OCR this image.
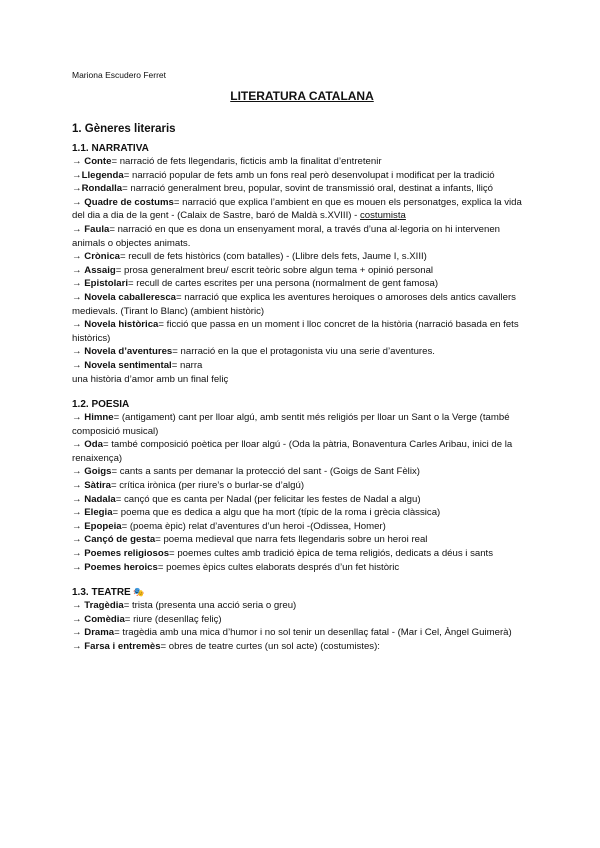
Mariona Escudero Ferret
LITERATURA CATALANA
1. Gèneres literaris
1.1. NARRATIVA
→ Conte= narració de fets llegendaris, ficticis amb la finalitat d’entretenir
→Llegenda= narració popular de fets amb un fons real però desenvolupat i modificat per la tradició
→Rondalla= narració generalment breu, popular, sovint de transmissió oral, destinat a infants, lliçó
→ Quadre de costums= narració que explica l’ambient en que es mouen els personatges, explica la vida del dia a dia de la gent - (Calaix de Sastre, baró de Maldà s.XVIII) - costumista
→ Faula= narració en que es dona un ensenyament moral, a través d’una al·legoria on hi intervenen animals o objectes animats.
→ Crònica= recull de fets històrics (com batalles) - (Llibre dels fets, Jaume I, s.XIII)
→ Assaig= prosa generalment breu/ escrit teòric sobre algun tema + opinió personal
→ Epistolari= recull de cartes escrites per una persona (normalment de gent famosa)
→ Novela caballeresca= narració que explica les aventures heroiques o amoroses dels antics cavallers medievals. (Tirant lo Blanc) (ambient històric)
→ Novela històrica= ficció que passa en un moment i lloc concret de la història (narració basada en fets històrics)
→ Novela d’aventures= narració en la que el protagonista viu una serie d’aventures.
→ Novela sentimental= narra
una història d’amor amb un final feliç
1.2. POESIA
→ Himne= (antigament) cant per lloar algú, amb sentit més religiós per lloar un Sant o la Verge (també composició musical)
→ Oda= també composició poètica per lloar algú - (Oda la pàtria, Bonaventura Carles Aribau, inici de la renaixença)
→ Goigs= cants a sants per demanar la protecció del sant - (Goigs de Sant Fèlix)
→ Sàtira= crítica irònica (per riure’s o burlar-se d’algú)
→ Nadala= cançó que es canta per Nadal (per felicitar les festes de Nadal a algu)
→ Elegia= poema que es dedica a algu que ha mort (típic de la roma i grècia clàssica)
→ Epopeia= (poema èpic) relat d’aventures d’un heroi -(Odissea, Homer)
→ Cançó de gesta= poema medieval que narra fets llegendaris sobre un heroi real
→ Poemes religiosos= poemes cultes amb tradició èpica de tema religiós, dedicats a déus i sants
→ Poemes heroics= poemes èpics cultes elaborats després d’un fet històric
1.3. TEATRE 🎭
→ Tragèdia= trista (presenta una acció seria o greu)
→ Comèdia= riure (desenllaç feliç)
→ Drama= tragèdia amb una mica d’humor i no sol tenir un desenllaç fatal - (Mar i Cel, Àngel Guimerà)
→ Farsa i entremès= obres de teatre curtes (un sol acte) (costumistes):
